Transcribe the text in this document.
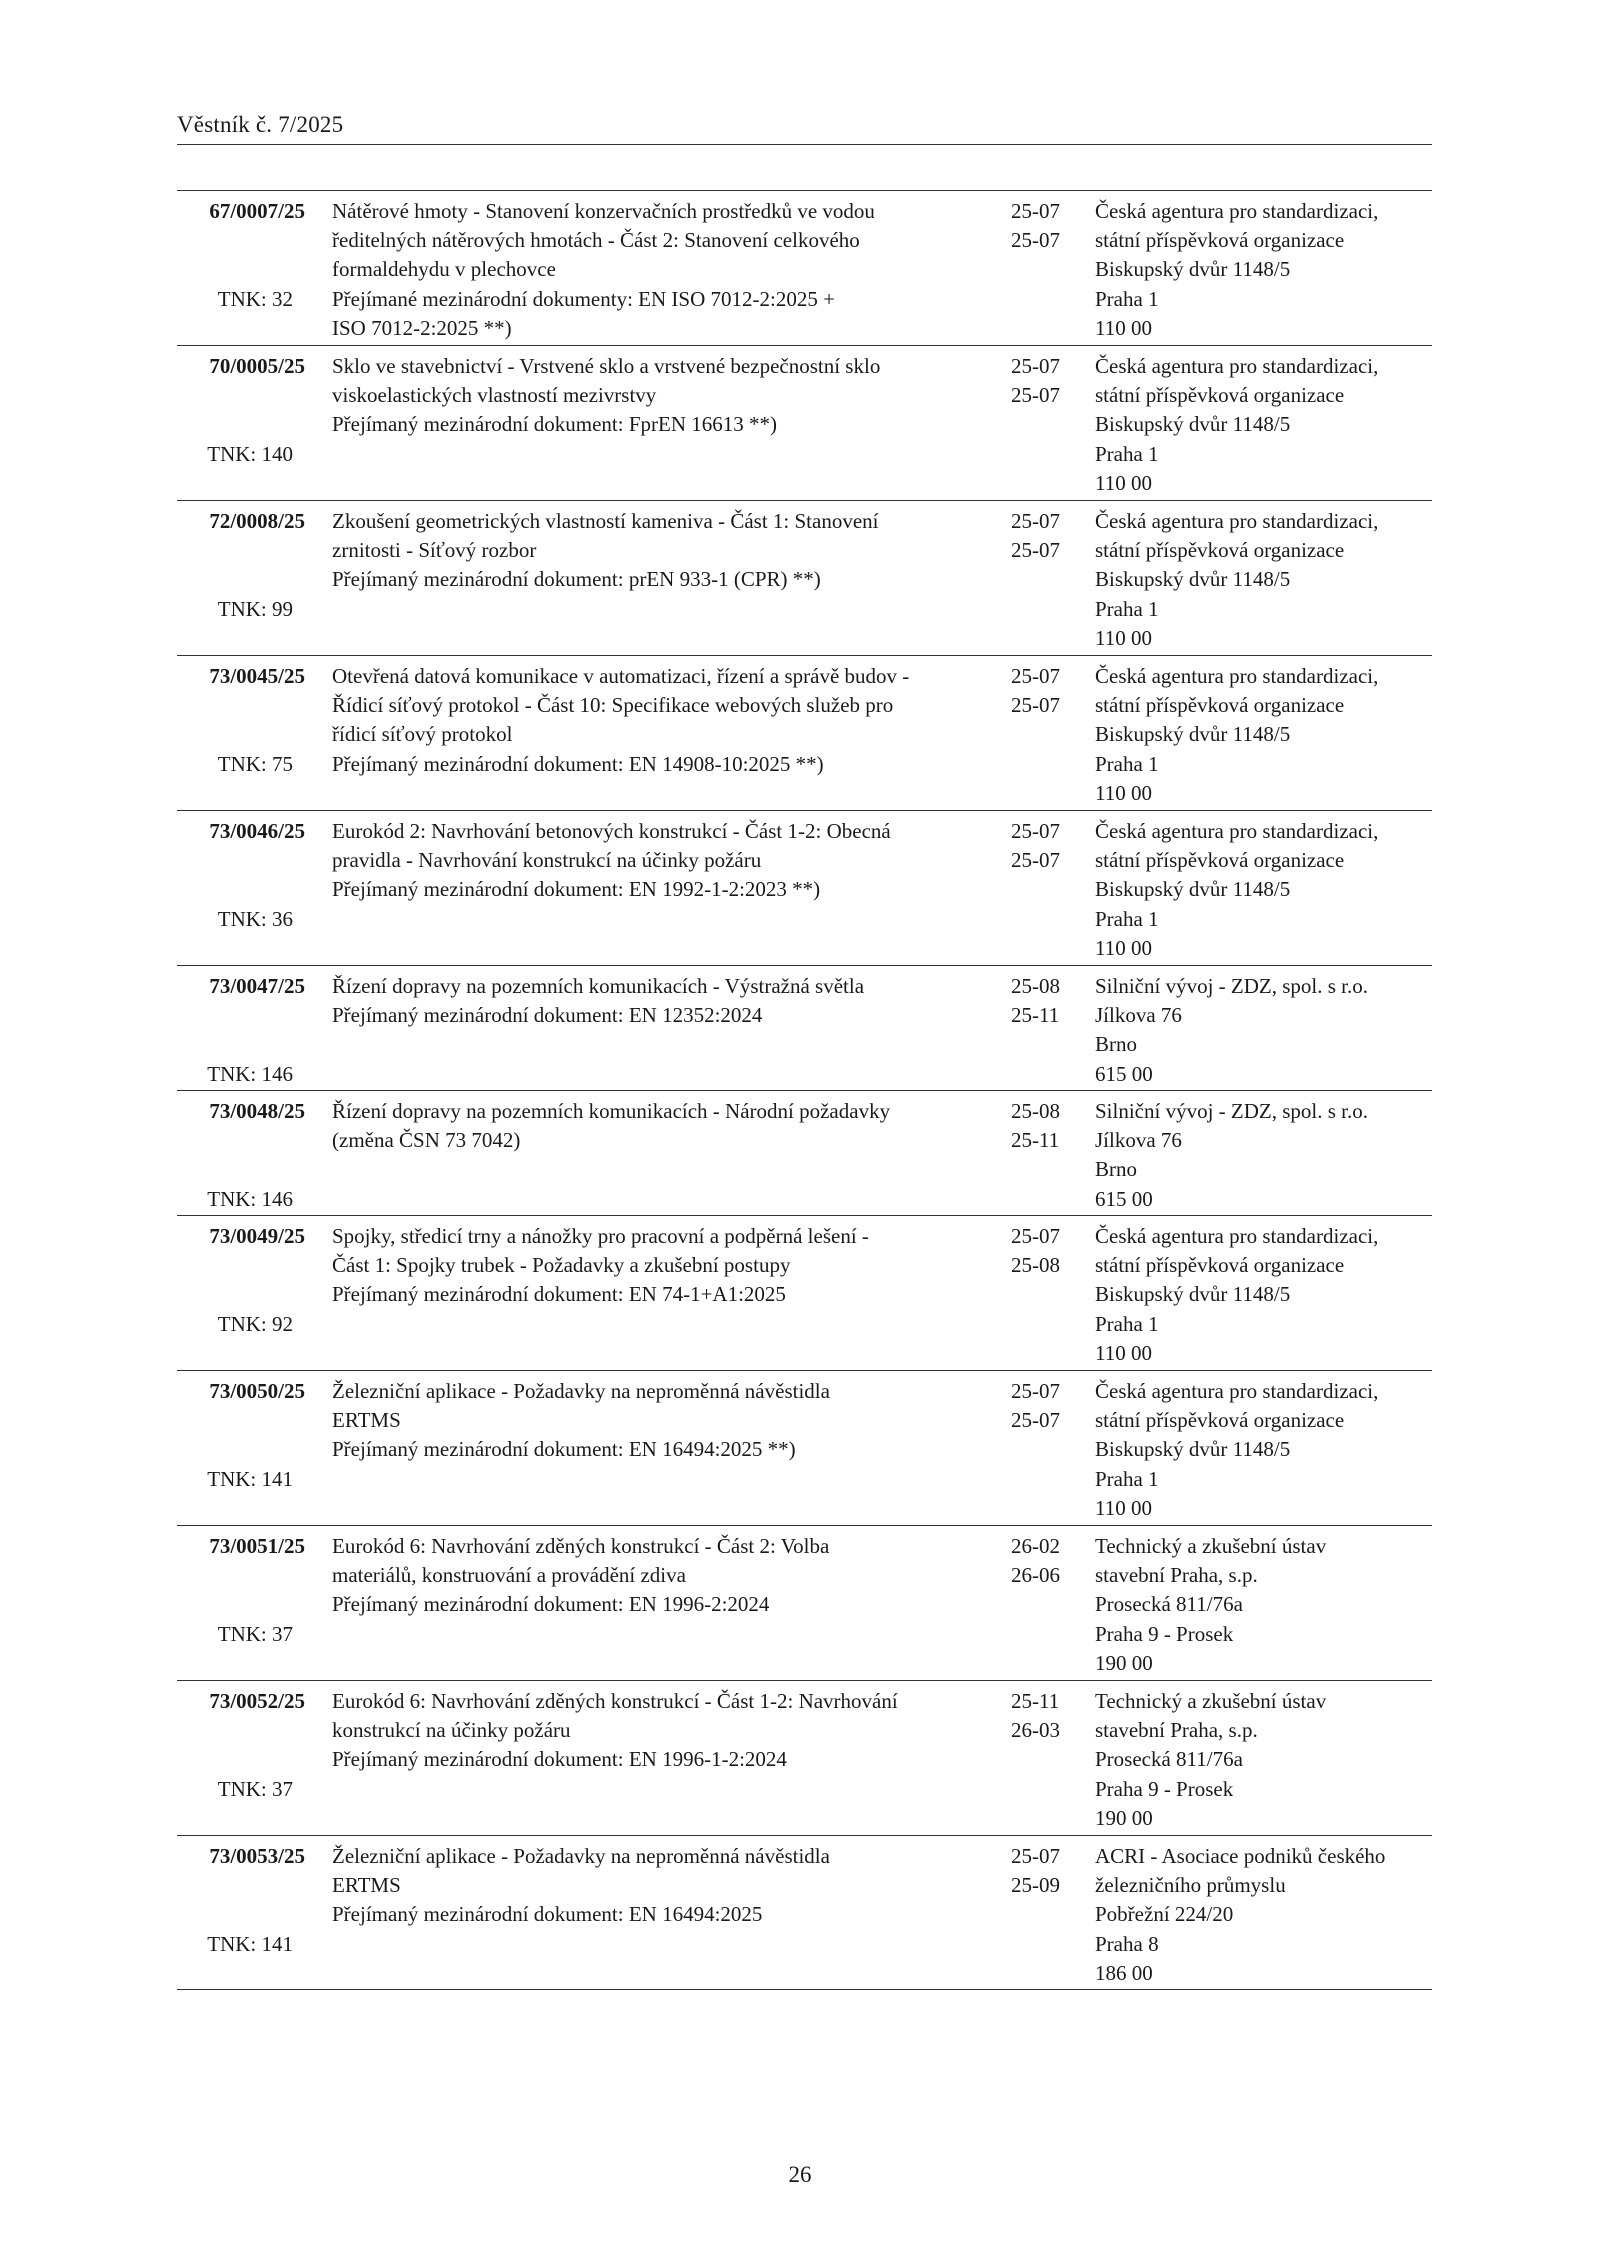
Věstník č. 7/2025
67/0007/25
TNK: 32
Nátěrové hmoty - Stanovení konzervačních prostředků ve vodou
ředitelných nátěrových hmotách - Část 2: Stanovení celkového
formaldehydu v plechovce
Přejímané mezinárodní dokumenty: EN ISO 7012-2:2025 +
ISO 7012-2:2025 **)
25-07
25-07
Česká agentura pro standardizaci,
státní příspěvková organizace
Biskupský dvůr 1148/5
Praha 1
110 00
70/0005/25
TNK: 140
Sklo ve stavebnictví - Vrstvené sklo a vrstvené bezpečnostní sklo
viskoelastických vlastností mezivrstvy
Přejímaný mezinárodní dokument: FprEN 16613 **)
25-07
25-07
Česká agentura pro standardizaci,
státní příspěvková organizace
Biskupský dvůr 1148/5
Praha 1
110 00
72/0008/25
TNK: 99
Zkoušení geometrických vlastností kameniva - Část 1: Stanovení
zrnitosti - Síťový rozbor
Přejímaný mezinárodní dokument: prEN 933-1 (CPR) **)
25-07
25-07
Česká agentura pro standardizaci,
státní příspěvková organizace
Biskupský dvůr 1148/5
Praha 1
110 00
73/0045/25
TNK: 75
Otevřená datová komunikace v automatizaci, řízení a správě budov -
Řídicí síťový protokol - Část 10: Specifikace webových služeb pro
řídicí síťový protokol
Přejímaný mezinárodní dokument: EN 14908-10:2025 **)
25-07
25-07
Česká agentura pro standardizaci,
státní příspěvková organizace
Biskupský dvůr 1148/5
Praha 1
110 00
73/0046/25
TNK: 36
Eurokód 2: Navrhování betonových konstrukcí - Část 1-2: Obecná
pravidla - Navrhování konstrukcí na účinky požáru
Přejímaný mezinárodní dokument: EN 1992-1-2:2023 **)
25-07
25-07
Česká agentura pro standardizaci,
státní příspěvková organizace
Biskupský dvůr 1148/5
Praha 1
110 00
73/0047/25
TNK: 146
Řízení dopravy na pozemních komunikacích - Výstražná světla
Přejímaný mezinárodní dokument: EN 12352:2024
25-08
25-11
Silniční vývoj - ZDZ, spol. s r.o.
Jílkova 76
Brno
615 00
73/0048/25
TNK: 146
Řízení dopravy na pozemních komunikacích - Národní požadavky
(změna ČSN 73 7042)
25-08
25-11
Silniční vývoj - ZDZ, spol. s r.o.
Jílkova 76
Brno
615 00
73/0049/25
TNK: 92
Spojky, středicí trny a nánožky pro pracovní a podpěrná lešení -
Část 1: Spojky trubek - Požadavky a zkušební postupy
Přejímaný mezinárodní dokument: EN 74-1+A1:2025
25-07
25-08
Česká agentura pro standardizaci,
státní příspěvková organizace
Biskupský dvůr 1148/5
Praha 1
110 00
73/0050/25
TNK: 141
Železniční aplikace - Požadavky na neproměnná návěstidla
ERTMS
Přejímaný mezinárodní dokument: EN 16494:2025 **)
25-07
25-07
Česká agentura pro standardizaci,
státní příspěvková organizace
Biskupský dvůr 1148/5
Praha 1
110 00
73/0051/25
TNK: 37
Eurokód 6: Navrhování zděných konstrukcí - Část 2: Volba
materiálů, konstruování a provádění zdiva
Přejímaný mezinárodní dokument: EN 1996-2:2024
26-02
26-06
Technický a zkušební ústav
stavební Praha, s.p.
Prosecká 811/76a
Praha 9 - Prosek
190 00
73/0052/25
TNK: 37
Eurokód 6: Navrhování zděných konstrukcí - Část 1-2: Navrhování
konstrukcí na účinky požáru
Přejímaný mezinárodní dokument: EN 1996-1-2:2024
25-11
26-03
Technický a zkušební ústav
stavební Praha, s.p.
Prosecká 811/76a
Praha 9 - Prosek
190 00
73/0053/25
TNK: 141
Železniční aplikace - Požadavky na neproměnná návěstidla
ERTMS
Přejímaný mezinárodní dokument: EN 16494:2025
25-07
25-09
ACRI - Asociace podniků českého
železničního průmyslu
Pobřežní 224/20
Praha 8
186 00
26
